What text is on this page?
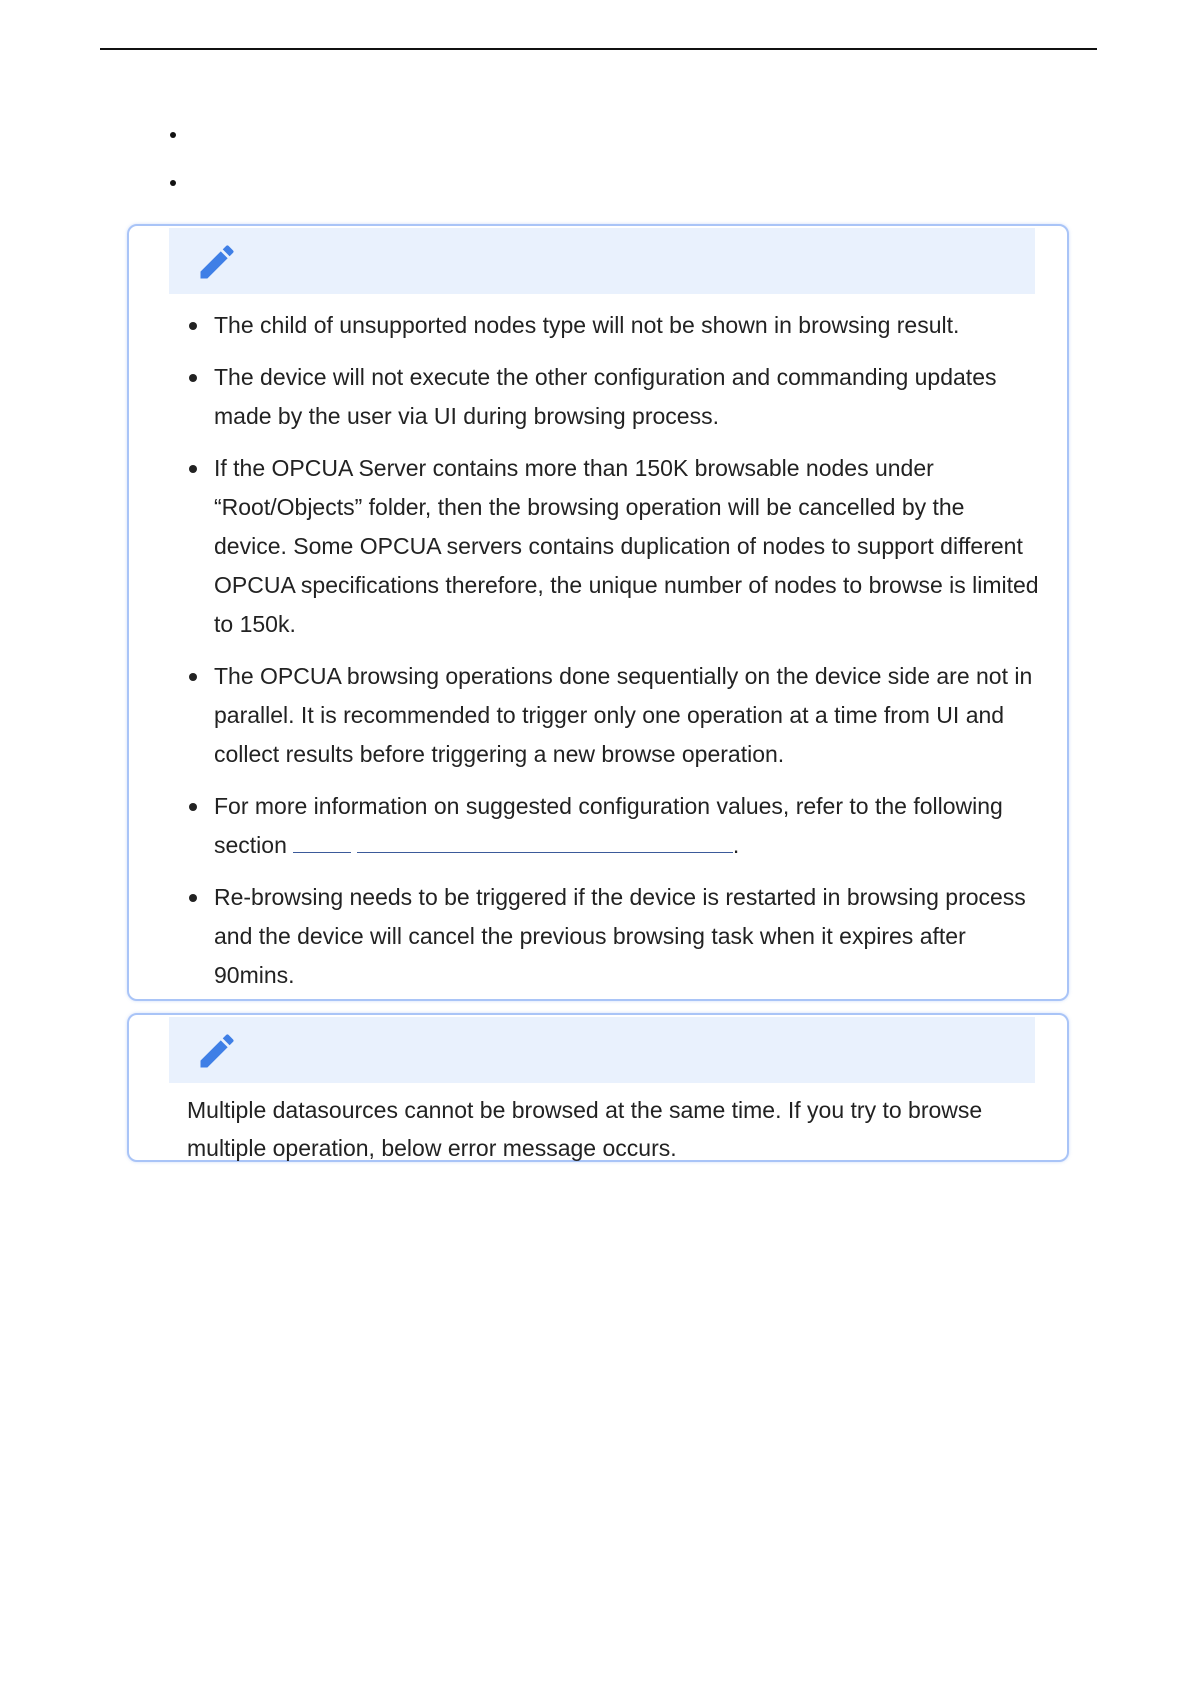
The child of unsupported nodes type will not be shown in browsing result.
The device will not execute the other configuration and commanding updates made by the user via UI during browsing process.
If the OPCUA Server contains more than 150K browsable nodes under “Root/Objects” folder, then the browsing operation will be cancelled by the device. Some OPCUA servers contains duplication of nodes to support different OPCUA specifications therefore, the unique number of nodes to browse is limited to 150k.
The OPCUA browsing operations done sequentially on the device side are not in parallel. It is recommended to trigger only one operation at a time from UI and collect results before triggering a new browse operation.
For more information on suggested configuration values, refer to the following section	.
Re-browsing needs to be triggered if the device is restarted in browsing process and the device will cancel the previous browsing task when it expires after 90mins.

Multiple datasources cannot be browsed at the same time. If you try to browse multiple operation, below error message occurs.
